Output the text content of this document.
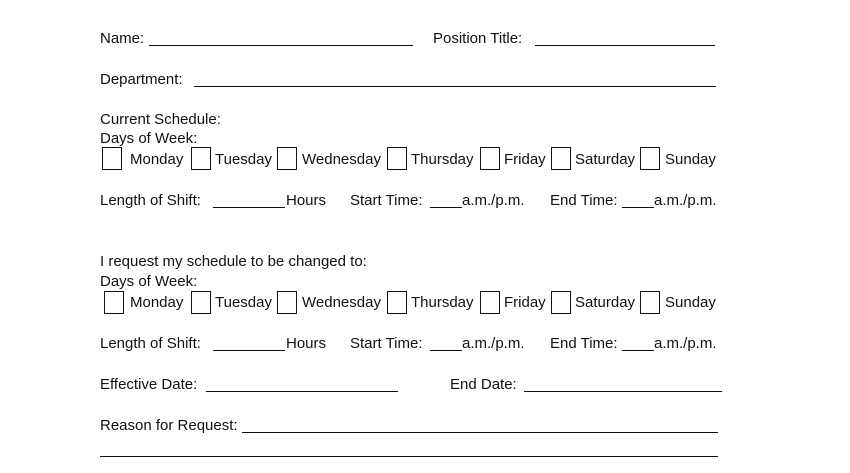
Name:	Position Title:
Department:
Current Schedule:
Days of Week:
Monday Tuesday Wednesday Thursday Friday Saturday Sunday
Length of Shift:	Hours Start Time:	a.m./p.m. End Time: a.m./p.m.
I request my schedule to be changed to:
Days of Week:
Monday Tuesday Wednesday Thursday Friday Saturday Sunday
Length of Shift:	Hours Start Time:	a.m./p.m. End Time: a.m./p.m.
Effective Date:	End Date:
Reason for Request:
